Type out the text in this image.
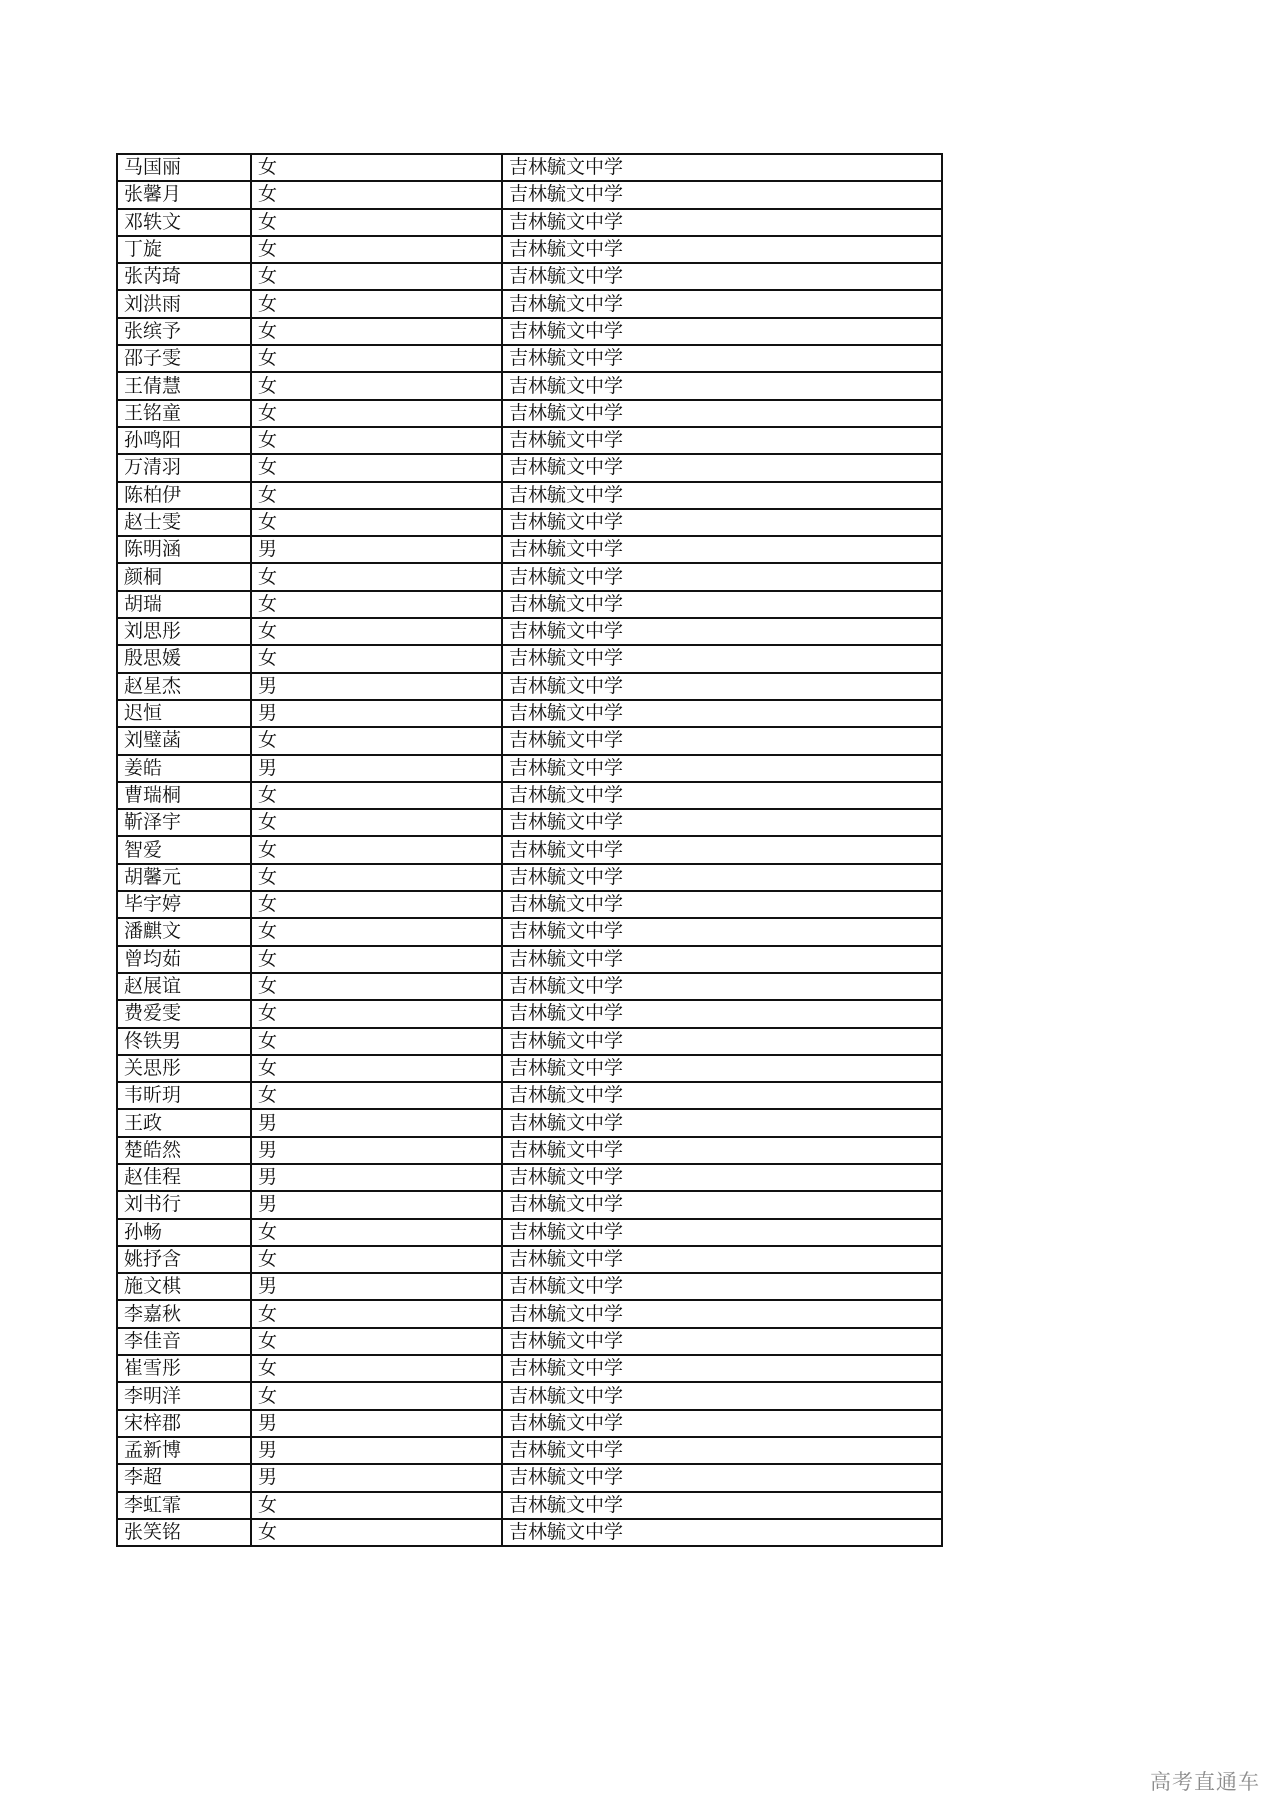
马国丽	女	吉林毓文中学
张馨月	女	吉林毓文中学
邓轶文	女	吉林毓文中学
丁旋	女	吉林毓文中学
张芮琦	女	吉林毓文中学
刘洪雨	女	吉林毓文中学
张缤予	女	吉林毓文中学
邵子雯	女	吉林毓文中学
王倩慧	女	吉林毓文中学
王铭童	女	吉林毓文中学
孙鸣阳	女	吉林毓文中学
万清羽	女	吉林毓文中学
陈柏伊	女	吉林毓文中学
赵士雯	女	吉林毓文中学
陈明涵	男	吉林毓文中学
颜桐	女	吉林毓文中学
胡瑞	女	吉林毓文中学
刘思彤	女	吉林毓文中学
殷思媛	女	吉林毓文中学
赵星杰	男	吉林毓文中学
迟恒	男	吉林毓文中学
刘璧菡	女	吉林毓文中学
姜皓	男	吉林毓文中学
曹瑞桐	女	吉林毓文中学
靳泽宇	女	吉林毓文中学
智爱	女	吉林毓文中学
胡馨元	女	吉林毓文中学
毕宇婷	女	吉林毓文中学
潘麒文	女	吉林毓文中学
曾均茹	女	吉林毓文中学
赵展谊	女	吉林毓文中学
费爱雯	女	吉林毓文中学
佟铁男	女	吉林毓文中学
关思彤	女	吉林毓文中学
韦昕玥	女	吉林毓文中学
王政	男	吉林毓文中学
楚皓然	男	吉林毓文中学
赵佳程	男	吉林毓文中学
刘书行	男	吉林毓文中学
孙畅	女	吉林毓文中学
姚抒含	女	吉林毓文中学
施文棋	男	吉林毓文中学
李嘉秋	女	吉林毓文中学
李佳音	女	吉林毓文中学
崔雪彤	女	吉林毓文中学
李明洋	女	吉林毓文中学
宋梓郡	男	吉林毓文中学
孟新博	男	吉林毓文中学
李超	男	吉林毓文中学
李虹霏	女	吉林毓文中学
张笑铭	女	吉林毓文中学
高考直通车
